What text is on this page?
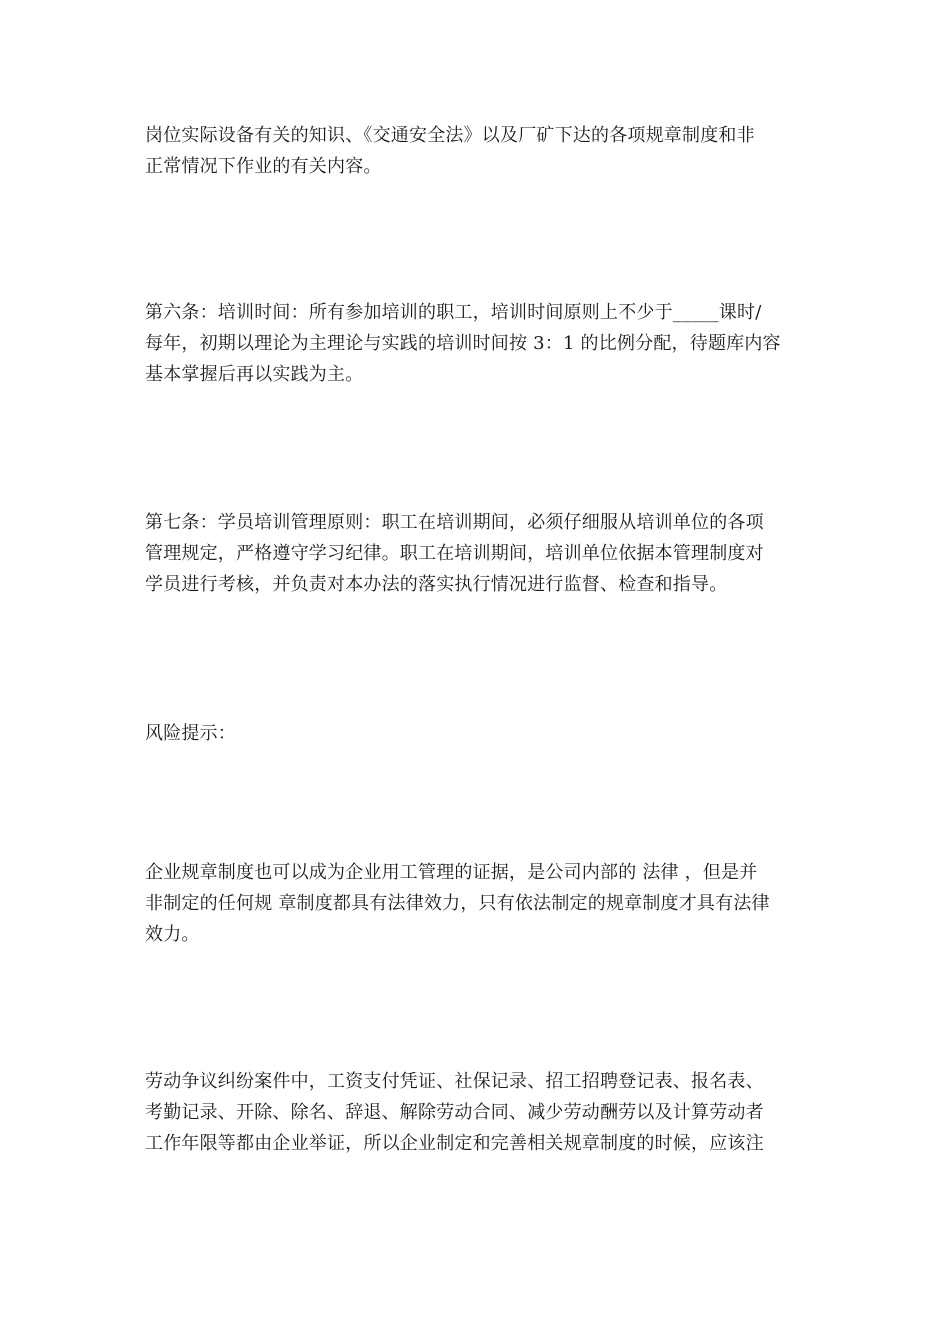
岗位实际设备有关的知识、《交通安全法》以及厂矿下达的各项规章制度和非
正常情况下作业的有关内容。

第六条：培训时间：所有参加培训的职工，培训时间原则上不少于_____课时/
每年，初期以理论为主理论与实践的培训时间按 3：1 的比例分配，待题库内容
基本掌握后再以实践为主。

第七条：学员培训管理原则：职工在培训期间，必须仔细服从培训单位的各项
管理规定，严格遵守学习纪律。职工在培训期间，培训单位依据本管理制度对
学员进行考核，并负责对本办法的落实执行情况进行监督、检查和指导。

风险提示：

企业规章制度也可以成为企业用工管理的证据，是公司内部的 法律 ，但是并
非制定的任何规 章制度都具有法律效力，只有依法制定的规章制度才具有法律
效力。

劳动争议纠纷案件中，工资支付凭证、社保记录、招工招聘登记表、报名表、
考勤记录、开除、除名、辞退、解除劳动合同、减少劳动酬劳以及计算劳动者
工作年限等都由企业举证，所以企业制定和完善相关规章制度的时候，应该注
